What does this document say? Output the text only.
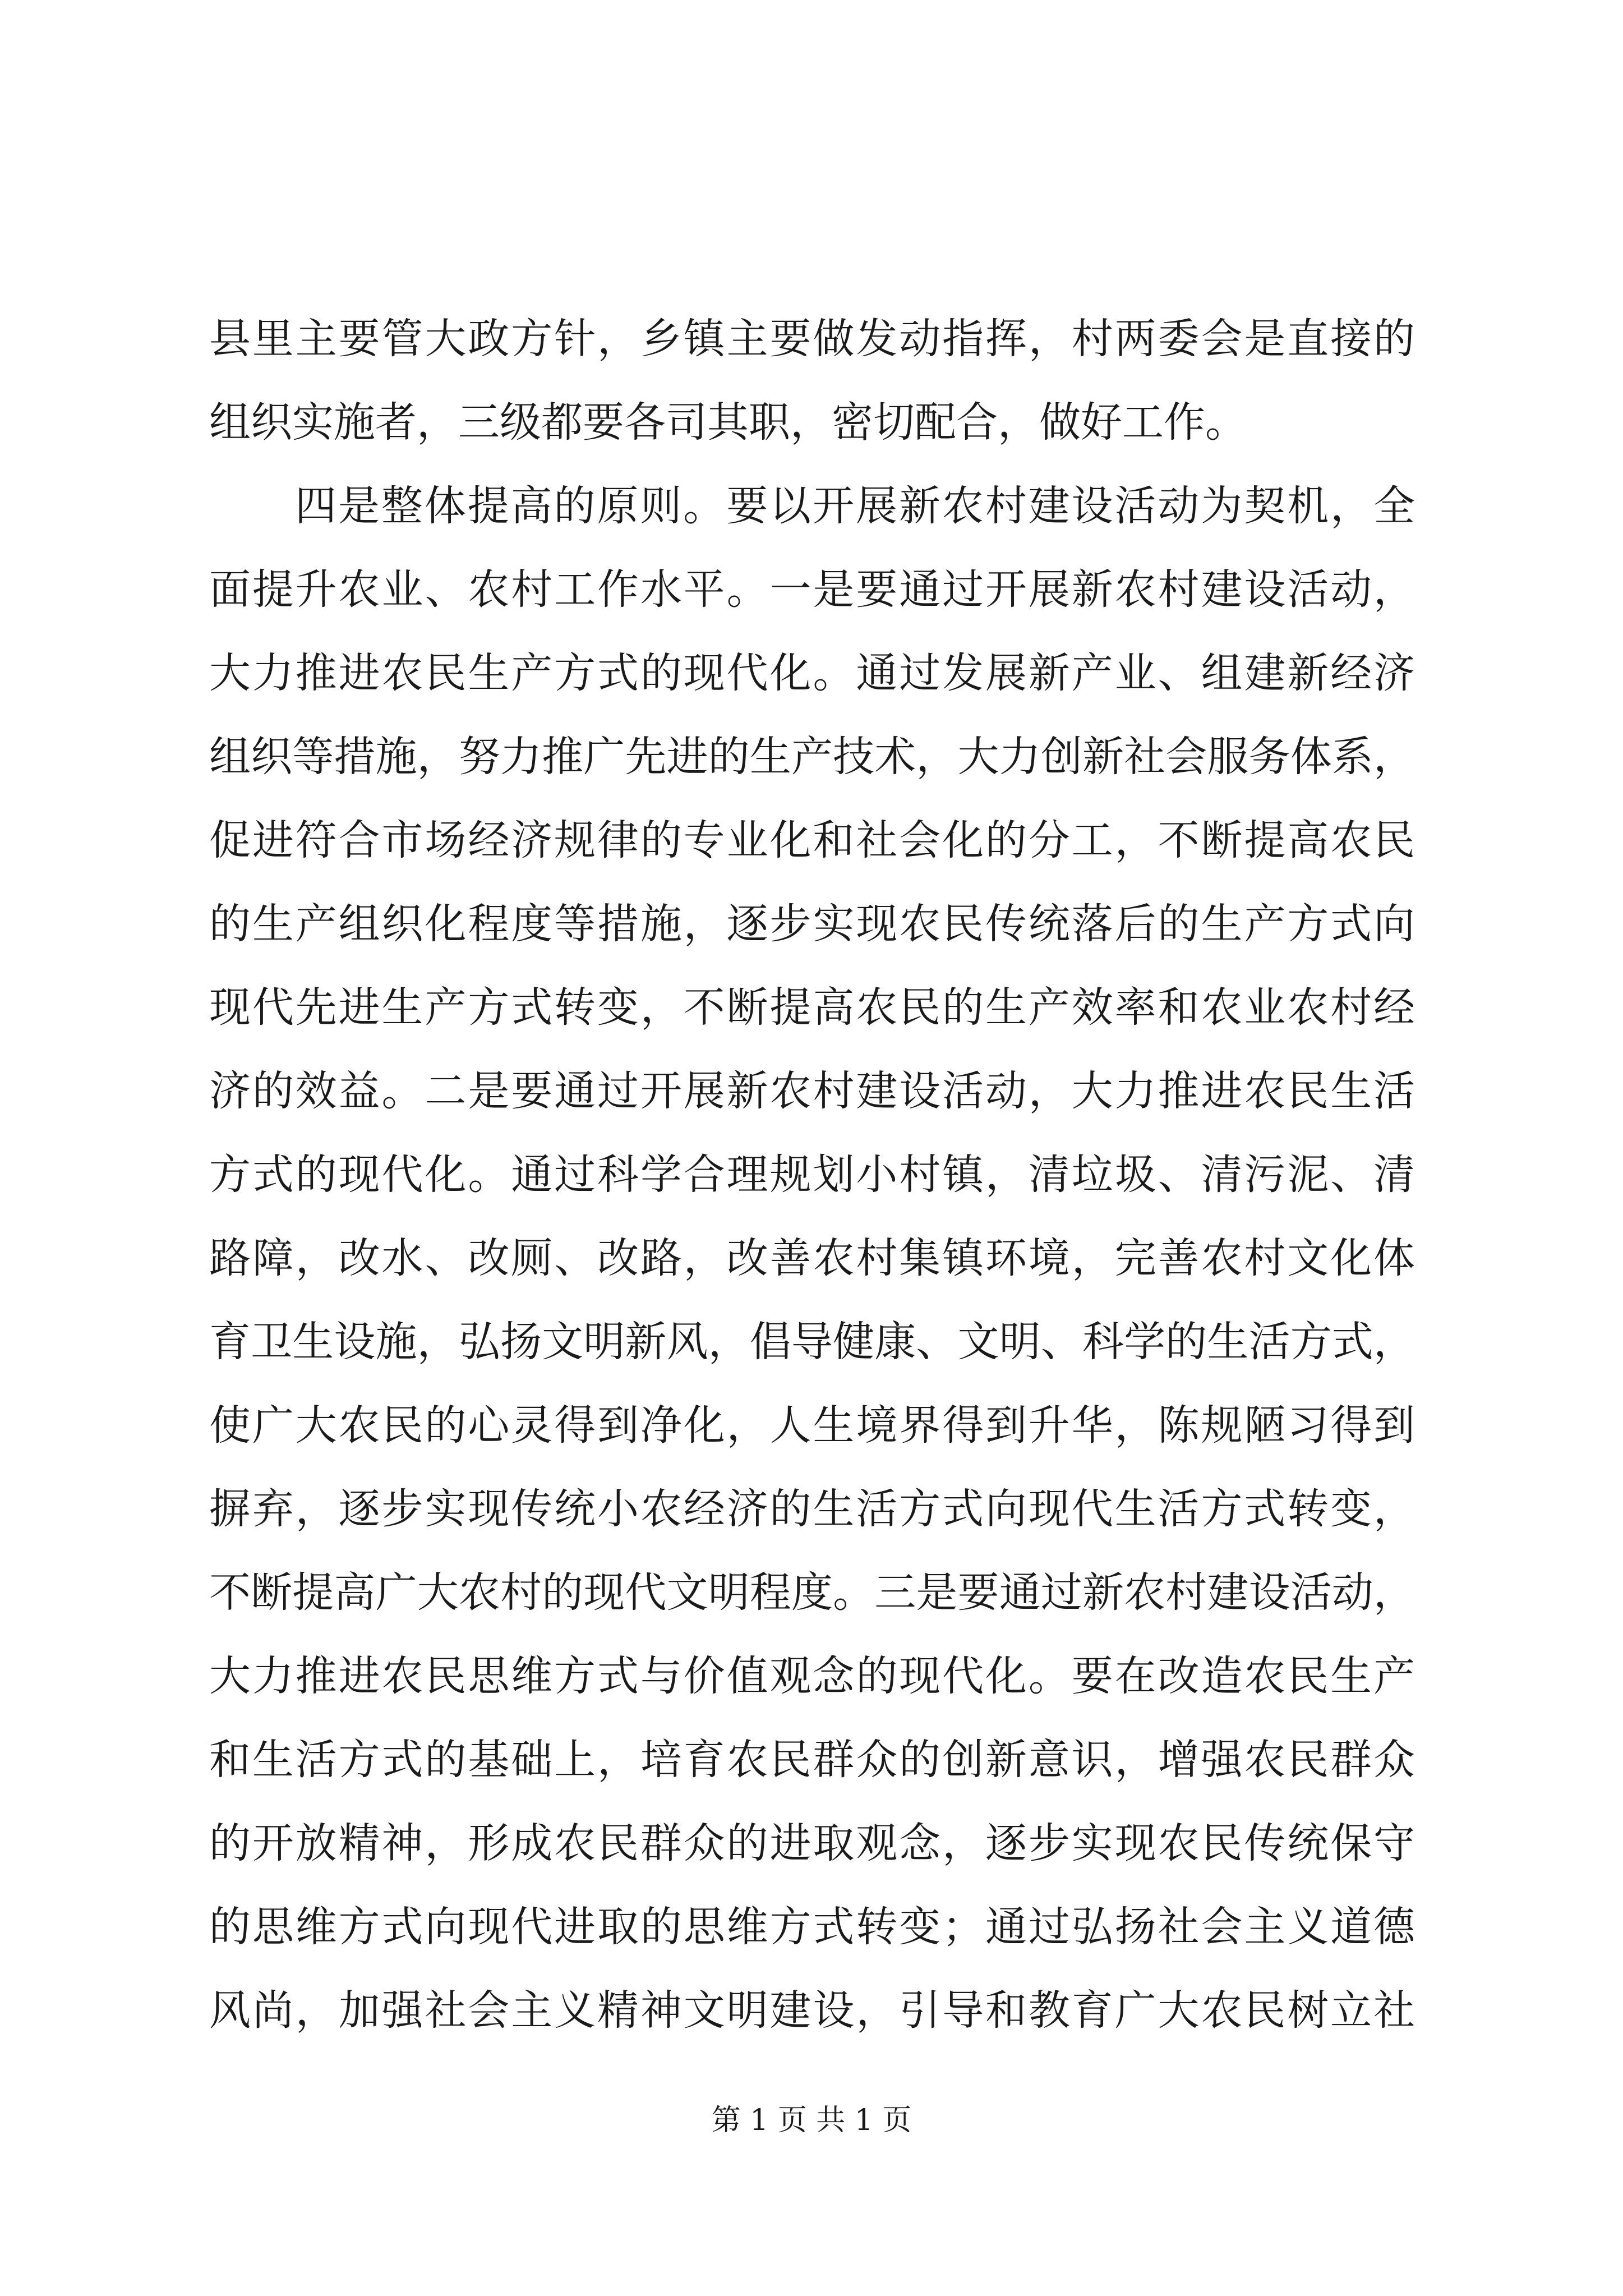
县里主要管大政方针，乡镇主要做发动指挥，村两委会是直接的
组织实施者，三级都要各司其职，密切配合，做好工作。
四是整体提高的原则。要以开展新农村建设活动为契机，全
面提升农业、农村工作水平。一是要通过开展新农村建设活动，
大力推进农民生产方式的现代化。通过发展新产业、组建新经济
组织等措施，努力推广先进的生产技术，大力创新社会服务体系，
促进符合市场经济规律的专业化和社会化的分工，不断提高农民
的生产组织化程度等措施，逐步实现农民传统落后的生产方式向
现代先进生产方式转变，不断提高农民的生产效率和农业农村经
济的效益。二是要通过开展新农村建设活动，大力推进农民生活
方式的现代化。通过科学合理规划小村镇，清垃圾、清污泥、清
路障，改水、改厕、改路，改善农村集镇环境，完善农村文化体
育卫生设施，弘扬文明新风，倡导健康、文明、科学的生活方式，
使广大农民的心灵得到净化，人生境界得到升华，陈规陋习得到
摒弃，逐步实现传统小农经济的生活方式向现代生活方式转变，
不断提高广大农村的现代文明程度。三是要通过新农村建设活动，
大力推进农民思维方式与价值观念的现代化。要在改造农民生产
和生活方式的基础上，培育农民群众的创新意识，增强农民群众
的开放精神，形成农民群众的进取观念，逐步实现农民传统保守
的思维方式向现代进取的思维方式转变；通过弘扬社会主义道德
风尚，加强社会主义精神文明建设，引导和教育广大农民树立社
第 1 页 共 1 页
